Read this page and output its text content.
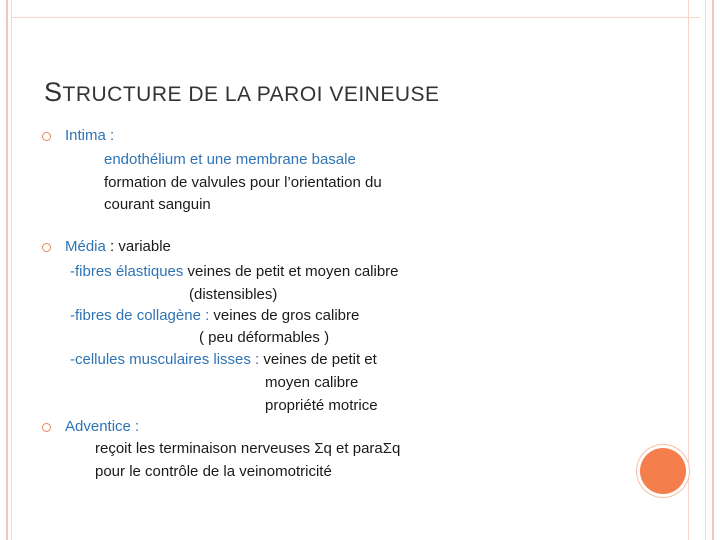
STRUCTURE DE LA PAROI VEINEUSE
Intima :
endothélium et une membrane basale
formation de valvules pour l’orientation du
courant sanguin
Média : variable
-fibres élastiques veines de petit et moyen calibre
(distensibles)
-fibres de collagène : veines de gros calibre
( peu déformables )
-cellules musculaires lisses : veines de petit et
moyen calibre
propriété motrice
Adventice :
reçoit les terminaison nerveuses Σq et paraΣq
pour le contrôle de la veinomotricité
